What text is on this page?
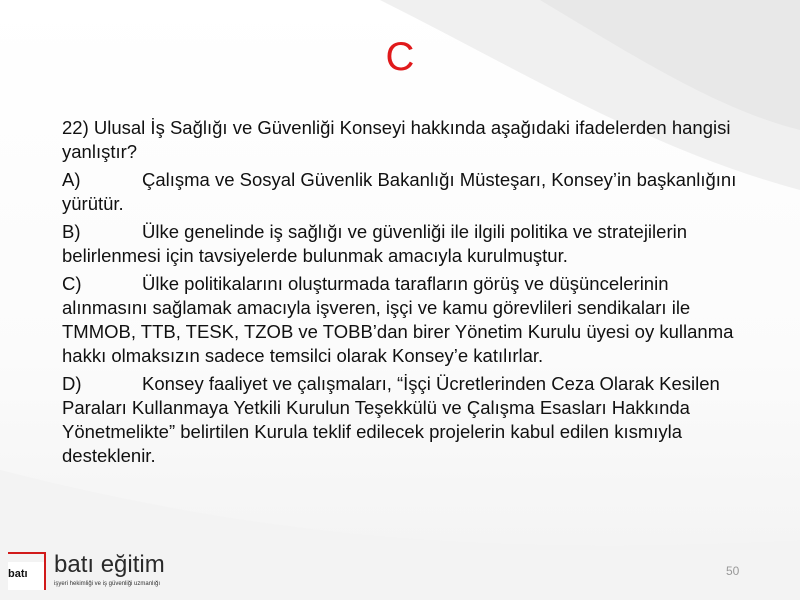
C

22) Ulusal İş Sağlığı ve Güvenliği Konseyi hakkında aşağıdaki ifadelerden hangisi yanlıştır?

A)	Çalışma ve Sosyal Güvenlik Bakanlığı Müsteşarı, Konsey’in başkanlığını yürütür.

B)	Ülke genelinde iş sağlığı ve güvenliği ile ilgili politika ve stratejilerin belirlenmesi için tavsiyelerde bulunmak amacıyla kurulmuştur.

C)	Ülke politikalarını oluşturmada tarafların görüş ve düşüncelerinin alınmasını sağlamak amacıyla işveren, işçi ve kamu görevlileri sendikaları ile TMMOB, TTB, TESK, TZOB ve TOBB’dan birer Yönetim Kurulu üyesi oy kullanma hakkı olmaksızın sadece temsilci olarak Konsey’e katılırlar.

D)	Konsey faaliyet ve çalışmaları, “İşçi Ücretlerinden Ceza Olarak Kesilen Paraları Kullanmaya Yetkili Kurulun Teşekkülü ve Çalışma Esasları Hakkında Yönetmelikte” belirtilen Kurula teklif edilecek projelerin kabul edilen kısmıyla desteklenir.

batı	batı eğitim
işyeri hekimliği ve iş güvenliği uzmanlığı
50
